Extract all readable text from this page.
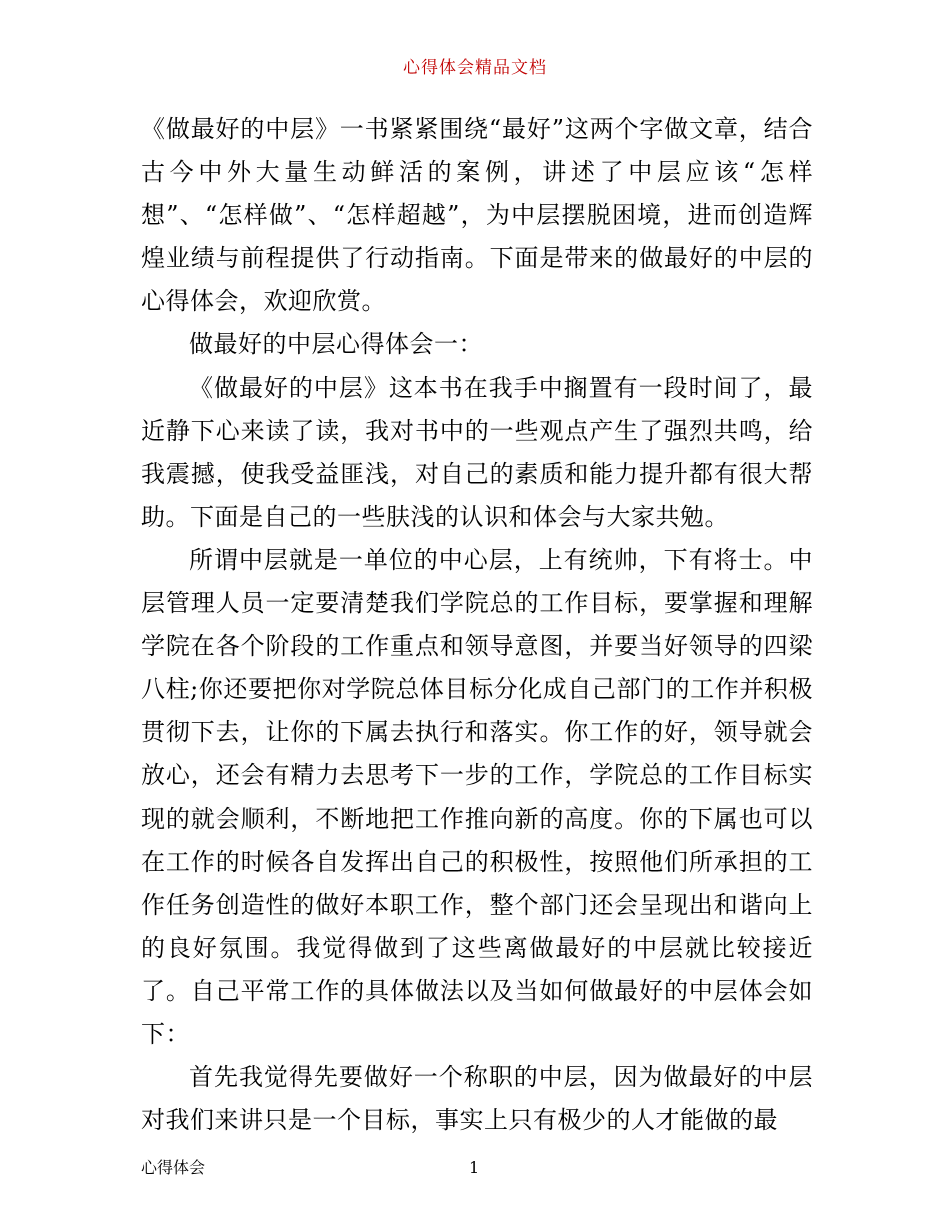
心得体会精品文档

《做最好的中层》一书紧紧围绕“最好”这两个字做文章，结合古今中外大量生动鲜活的案例，讲述了中层应该“怎样想”、“怎样做”、“怎样超越”，为中层摆脱困境，进而创造辉煌业绩与前程提供了行动指南。下面是带来的做最好的中层的心得体会，欢迎欣赏。

做最好的中层心得体会一：

《做最好的中层》这本书在我手中搁置有一段时间了，最近静下心来读了读，我对书中的一些观点产生了强烈共鸣，给我震撼，使我受益匪浅，对自己的素质和能力提升都有很大帮助。下面是自己的一些肤浅的认识和体会与大家共勉。

所谓中层就是一单位的中心层，上有统帅，下有将士。中层管理人员一定要清楚我们学院总的工作目标，要掌握和理解学院在各个阶段的工作重点和领导意图，并要当好领导的四梁八柱;你还要把你对学院总体目标分化成自己部门的工作并积极贯彻下去，让你的下属去执行和落实。你工作的好，领导就会放心，还会有精力去思考下一步的工作，学院总的工作目标实现的就会顺利，不断地把工作推向新的高度。你的下属也可以在工作的时候各自发挥出自己的积极性，按照他们所承担的工作任务创造性的做好本职工作，整个部门还会呈现出和谐向上的良好氛围。我觉得做到了这些离做最好的中层就比较接近了。自己平常工作的具体做法以及当如何做最好的中层体会如下：

首先我觉得先要做好一个称职的中层，因为做最好的中层对我们来讲只是一个目标，事实上只有极少的人才能做的最

心得体会	1
